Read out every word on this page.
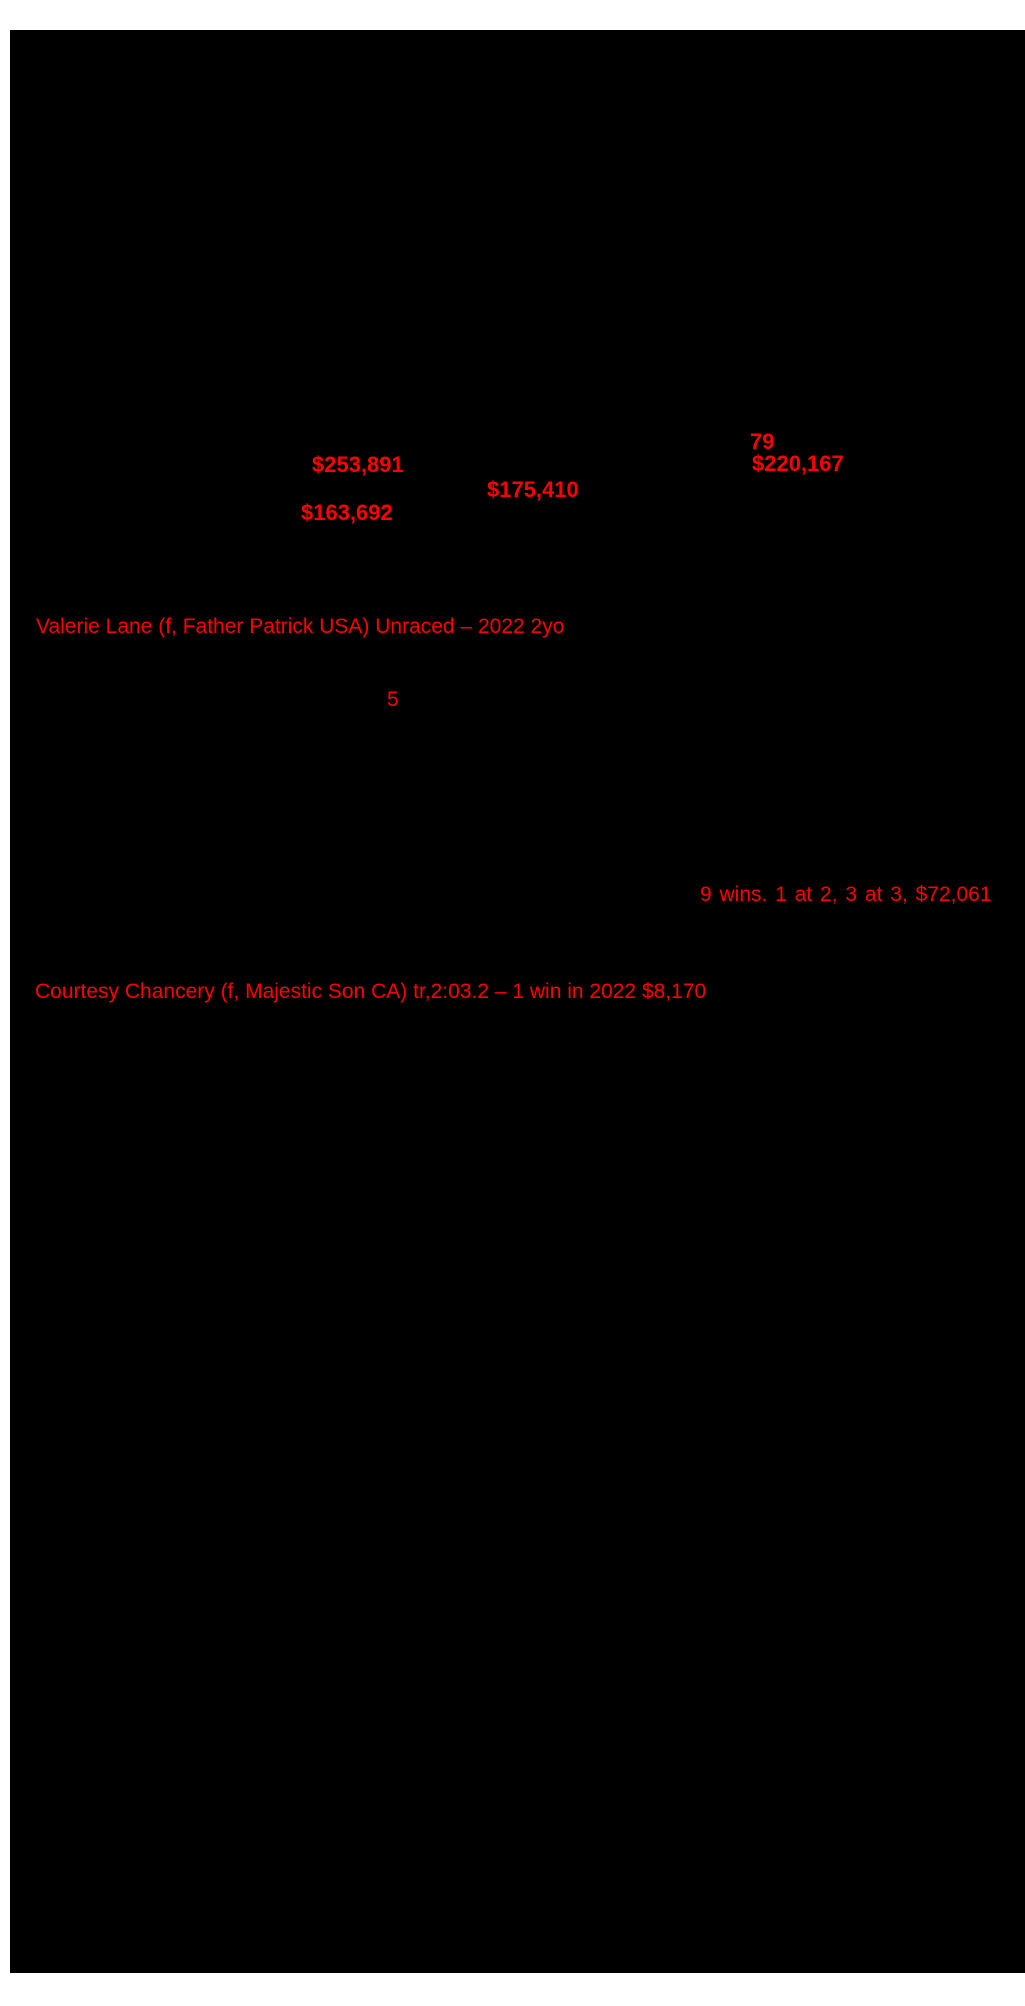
79
$253,891	$220,167
$175,410
$163,692
Valerie Lane (f, Father Patrick USA) Unraced – 2022 2yo
5
9 wins. 1 at 2, 3 at 3, $72,061
Courtesy Chancery (f, Majestic Son CA) tr,2:03.2 – 1 win in 2022 $8,170
